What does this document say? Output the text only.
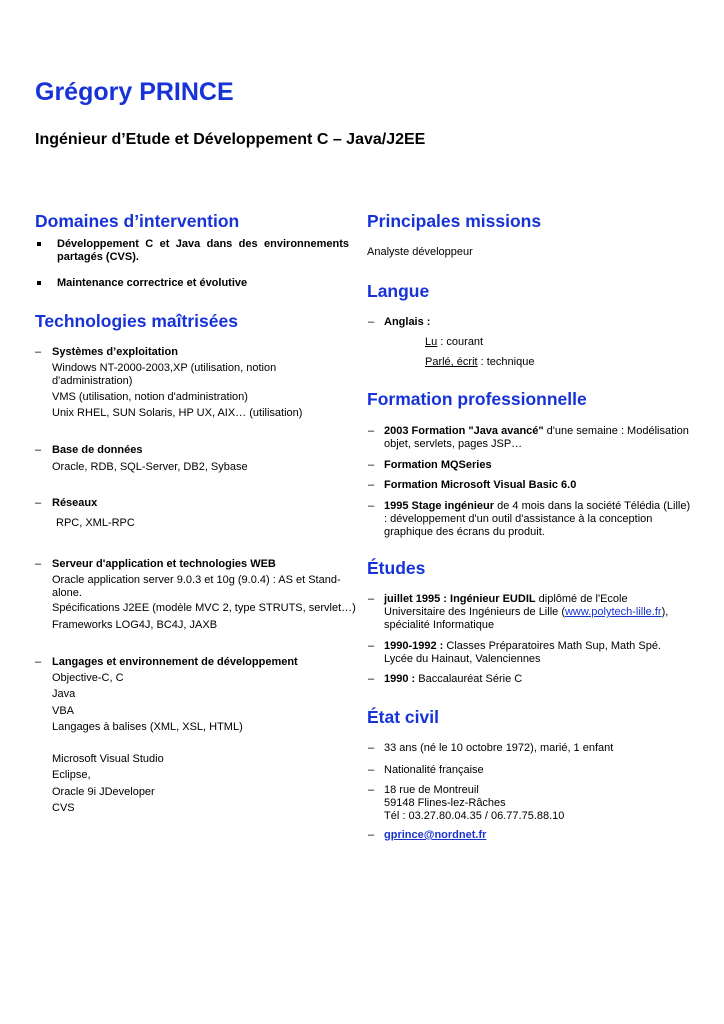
Grégory PRINCE
Ingénieur d’Etude et Développement C – Java/J2EE
Domaines d’intervention
Développement C et Java dans des environnements partagés (CVS).
Maintenance correctrice et évolutive
Technologies maîtrisées
– Systèmes d’exploitation
Windows NT-2000-2003,XP (utilisation, notion d'administration)
VMS (utilisation, notion d'administration)
Unix RHEL, SUN Solaris, HP UX, AIX… (utilisation)
– Base de données
Oracle, RDB, SQL-Server, DB2, Sybase
– Réseaux
RPC, XML-RPC
– Serveur d'application et technologies WEB
Oracle application server 9.0.3 et 10g (9.0.4) : AS et Stand-alone.
Spécifications J2EE (modèle MVC 2, type STRUTS, servlet…)
Frameworks LOG4J, BC4J, JAXB
– Langages et environnement de développement
Objective-C, C
Java
VBA
Langages à balises (XML, XSL, HTML)
Microsoft Visual Studio
Eclipse,
Oracle 9i JDeveloper
CVS
Principales missions
Analyste développeur
Langue
– Anglais :
Lu : courant
Parlé, écrit : technique
Formation professionnelle
– 2003 Formation "Java avancé" d'une semaine : Modélisation objet, servlets, pages JSP…
– Formation MQSeries
– Formation Microsoft Visual Basic 6.0
– 1995 Stage ingénieur de 4 mois dans la société Télédia (Lille) : développement d'un outil d'assistance à la conception graphique des écrans du produit.
Études
– juillet 1995 : Ingénieur EUDIL diplômé de l'Ecole Universitaire des Ingénieurs de Lille (www.polytech-lille.fr), spécialité Informatique
– 1990-1992 : Classes Préparatoires Math Sup, Math Spé. Lycée du Hainaut, Valenciennes
– 1990 : Baccalauréat Série C
État civil
– 33 ans (né le 10 octobre 1972), marié, 1 enfant
– Nationalité française
– 18 rue de Montreuil
59148 Flines-lez-Râches
Tél : 03.27.80.04.35 / 06.77.75.88.10
– gprince@nordnet.fr
